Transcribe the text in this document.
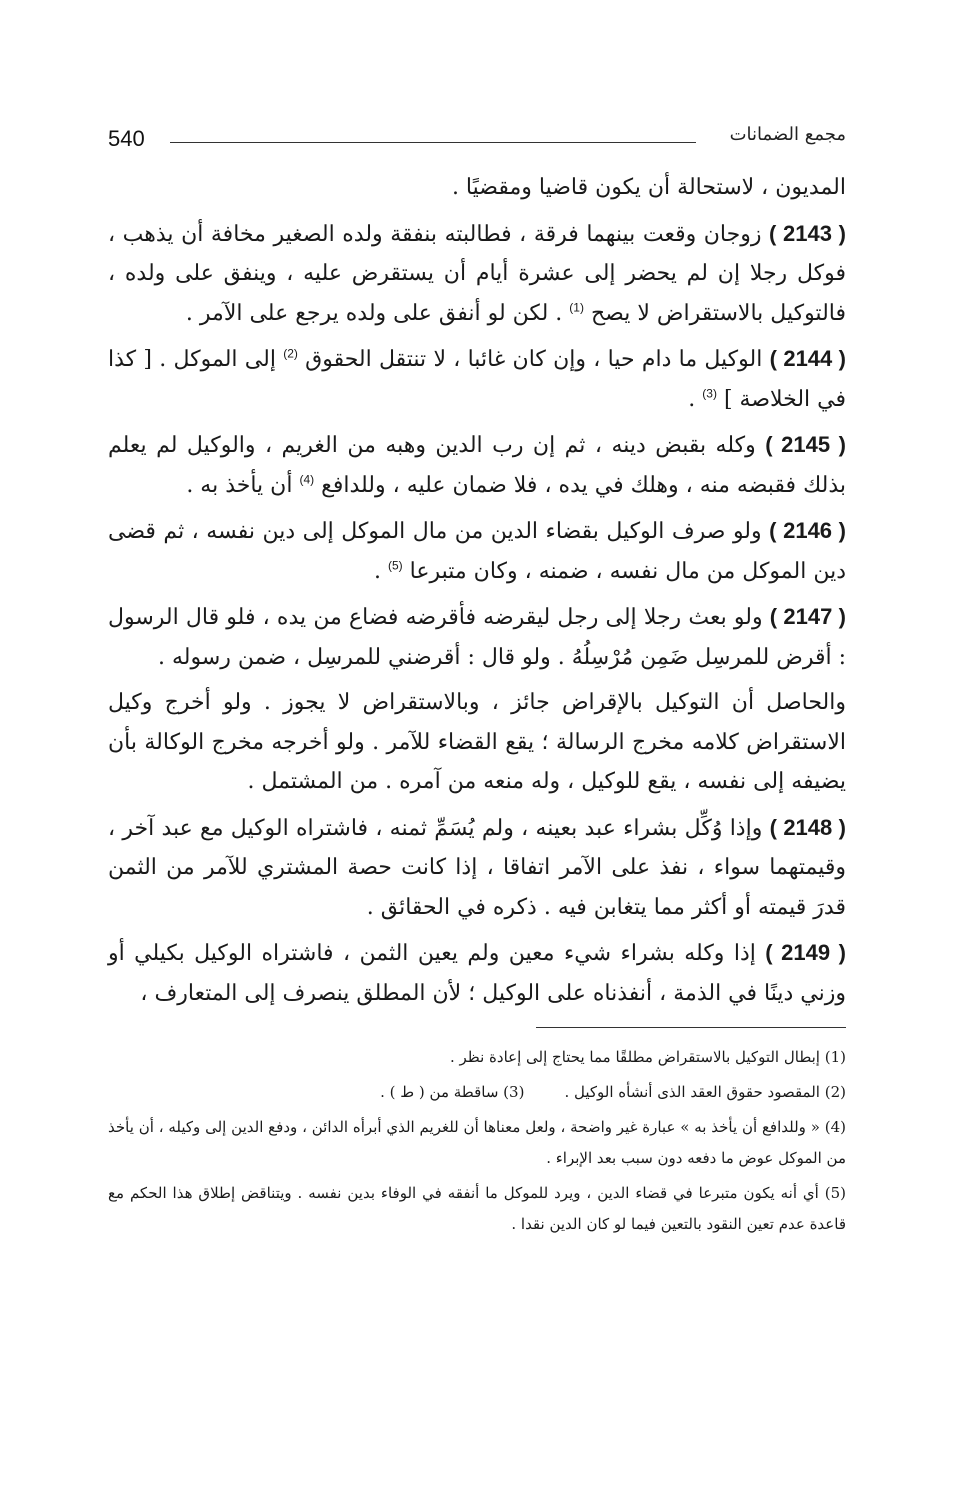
540	مجمع الضمانات

المديون ، لاستحالة أن يكون قاضيا ومقضيًا .

( 2143 ) زوجان وقعت بينهما فرقة ، فطالبته بنفقة ولده الصغير مخافة أن يذهب ، فوكل رجلا إن لم يحضر إلى عشرة أيام أن يستقرض عليه ، وينفق على ولده ، فالتوكيل بالاستقراض لا يصح $^{(1)}$ . لكن لو أنفق على ولده يرجع على الآمر .

( 2144 ) الوكيل ما دام حيا ، وإن كان غائبا ، لا تنتقل الحقوق $^{(2)}$ إلى الموكل . [ كذا في الخلاصة ] $^{(3)}$ .

( 2145 ) وكله بقبض دينه ، ثم إن رب الدين وهبه من الغريم ، والوكيل لم يعلم بذلك فقبضه منه ، وهلك في يده ، فلا ضمان عليه ، وللدافع $^{(4)}$ أن يأخذ به .

( 2146 ) ولو صرف الوكيل بقضاء الدين من مال الموكل إلى دين نفسه ، ثم قضى دين الموكل من مال نفسه ، ضمنه ، وكان متبرعا $^{(5)}$ .

( 2147 ) ولو بعث رجلا إلى رجل ليقرضه فأقرضه فضاع من يده ، فلو قال الرسول : أقرض للمرسِل ضَمِن مُرْسِلُهُ . ولو قال : أقرضني للمرسِل ، ضمن رسوله .

والحاصل أن التوكيل بالإقراض جائز ، وبالاستقراض لا يجوز . ولو أخرج وكيل الاستقراض كلامه مخرج الرسالة ؛ يقع القضاء للآمر . ولو أخرجه مخرج الوكالة بأن يضيفه إلى نفسه ، يقع للوكيل ، وله منعه من آمره . من المشتمل .

( 2148 ) وإذا وُكِّل بشراء عبد بعينه ، ولم يُسَمِّ ثمنه ، فاشتراه الوكيل مع عبد آخر ، وقيمتهما سواء ، نفذ على الآمر اتفاقا ، إذا كانت حصة المشتري للآمر من الثمن قدرَ قيمته أو أكثر مما يتغابن فيه . ذكره في الحقائق .

( 2149 ) إذا وكله بشراء شيء معين ولم يعين الثمن ، فاشتراه الوكيل بكيلي أو وزني دينًا في الذمة ، أنفذناه على الوكيل ؛ لأن المطلق ينصرف إلى المتعارف ،

(1) إبطال التوكيل بالاستقراض مطلقًا مما يحتاج إلى إعادة نظر .

(2) المقصود حقوق العقد الذى أنشأه الوكيل .
(3) ساقطة من ( ط ) .

(4) « وللدافع أن يأخذ به » عبارة غير واضحة ، ولعل معناها أن للغريم الذي أبرأه الدائن ، ودفع الدين إلى وكيله ، أن يأخذ من الموكل عوض ما دفعه دون سبب بعد الإبراء .

(5) أي أنه يكون متبرعا في قضاء الدين ، ويرد للموكل ما أنفقه في الوفاء بدين نفسه . ويتناقض إطلاق هذا الحكم مع قاعدة عدم تعين النقود بالتعين فيما لو كان الدين نقدا .
